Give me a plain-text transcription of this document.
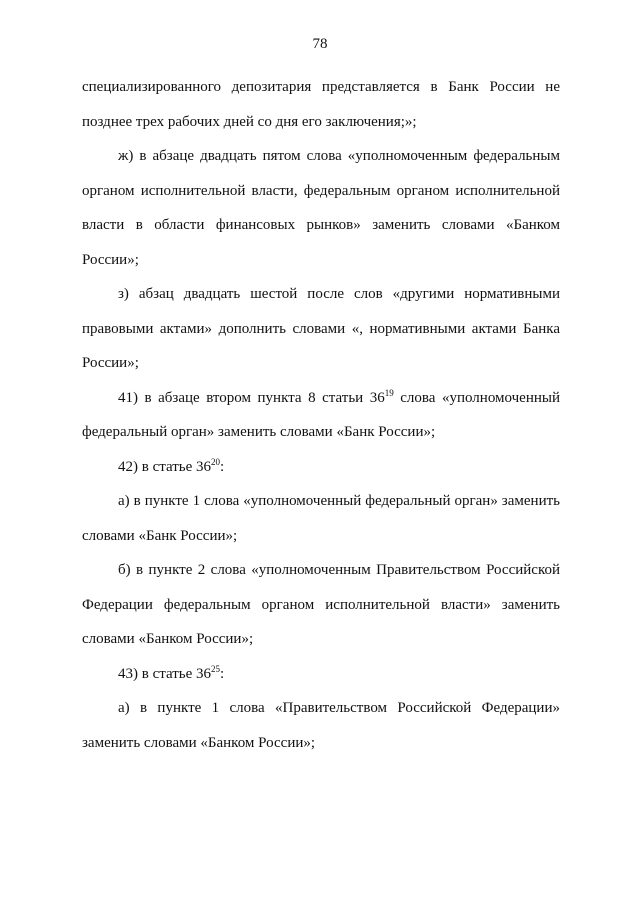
78

специализированного депозитария представляется в Банк России не позднее трех рабочих дней со дня его заключения;»;

ж) в абзаце двадцать пятом слова «уполномоченным федеральным органом исполнительной власти, федеральным органом исполнительной власти в области финансовых рынков» заменить словами «Банком России»;

з) абзац двадцать шестой после слов «другими нормативными правовыми актами» дополнить словами «, нормативными актами Банка России»;

41) в абзаце втором пункта 8 статьи $36^{19}$ слова «уполномоченный федеральный орган» заменить словами «Банк России»;

42) в статье $36^{20}$:

а) в пункте 1 слова «уполномоченный федеральный орган» заменить словами «Банк России»;

б) в пункте 2 слова «уполномоченным Правительством Российской Федерации федеральным органом исполнительной власти» заменить словами «Банком России»;

43) в статье $36^{25}$:

а) в пункте 1 слова «Правительством Российской Федерации» заменить словами «Банком России»;
